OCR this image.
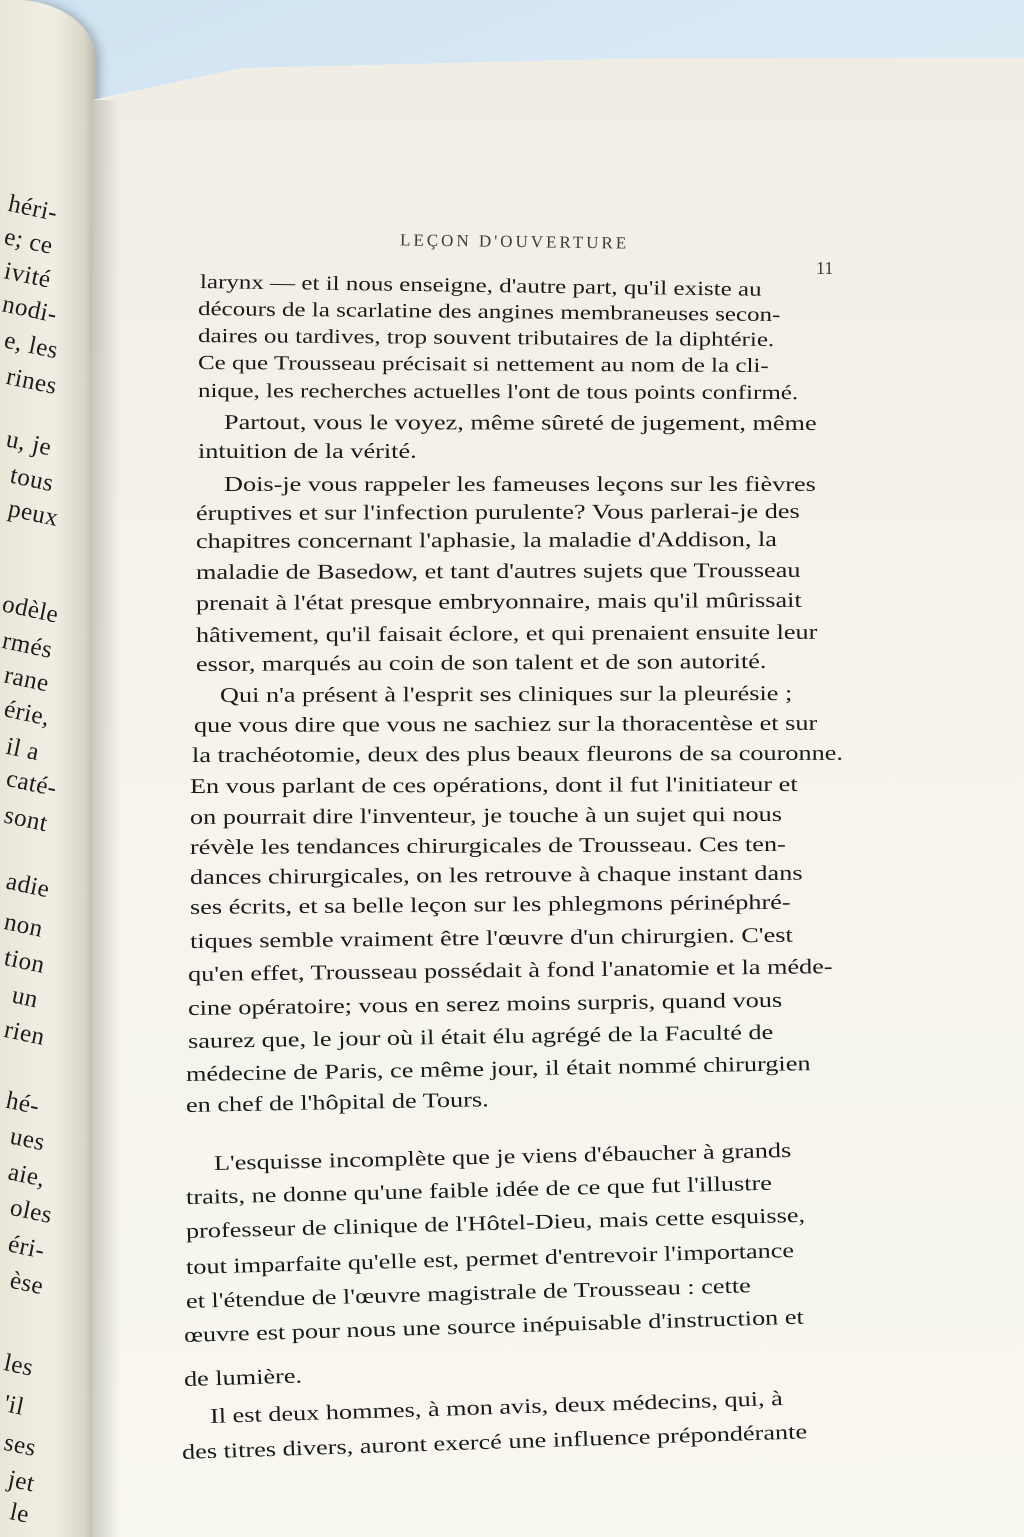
héri-
e; ce
ivité
nodi-
e, les
rines
u, je
tous
peux
odèle
rmés
rane
érie,
il a
caté-
sont
adie
non
tion
un
rien
hé-
ues
aie,
oles
éri-
èse
les
'il
ses
jet
le
LEÇON D'OUVERTURE
11
larynx — et il nous enseigne, d'autre part, qu'il existe au
décours de la scarlatine des angines membraneuses secon-
daires ou tardives, trop souvent tributaires de la diphtérie.
Ce que Trousseau précisait si nettement au nom de la cli-
nique, les recherches actuelles l'ont de tous points confirmé.
Partout, vous le voyez, même sûreté de jugement, même
intuition de la vérité.
Dois-je vous rappeler les fameuses leçons sur les fièvres
éruptives et sur l'infection purulente? Vous parlerai-je des
chapitres concernant l'aphasie, la maladie d'Addison, la
maladie de Basedow, et tant d'autres sujets que Trousseau
prenait à l'état presque embryonnaire, mais qu'il mûrissait
hâtivement, qu'il faisait éclore, et qui prenaient ensuite leur
essor, marqués au coin de son talent et de son autorité.
Qui n'a présent à l'esprit ses cliniques sur la pleurésie ;
que vous dire que vous ne sachiez sur la thoracentèse et sur
la trachéotomie, deux des plus beaux fleurons de sa couronne.
En vous parlant de ces opérations, dont il fut l'initiateur et
on pourrait dire l'inventeur, je touche à un sujet qui nous
révèle les tendances chirurgicales de Trousseau. Ces ten-
dances chirurgicales, on les retrouve à chaque instant dans
ses écrits, et sa belle leçon sur les phlegmons périnéphré-
tiques semble vraiment être l'œuvre d'un chirurgien. C'est
qu'en effet, Trousseau possédait à fond l'anatomie et la méde-
cine opératoire; vous en serez moins surpris, quand vous
saurez que, le jour où il était élu agrégé de la Faculté de
médecine de Paris, ce même jour, il était nommé chirurgien
en chef de l'hôpital de Tours.
L'esquisse incomplète que je viens d'ébaucher à grands
traits, ne donne qu'une faible idée de ce que fut l'illustre
professeur de clinique de l'Hôtel-Dieu, mais cette esquisse,
tout imparfaite qu'elle est, permet d'entrevoir l'importance
et l'étendue de l'œuvre magistrale de Trousseau : cette
œuvre est pour nous une source inépuisable d'instruction et
de lumière.
Il est deux hommes, à mon avis, deux médecins, qui, à
des titres divers, auront exercé une influence prépondérante
